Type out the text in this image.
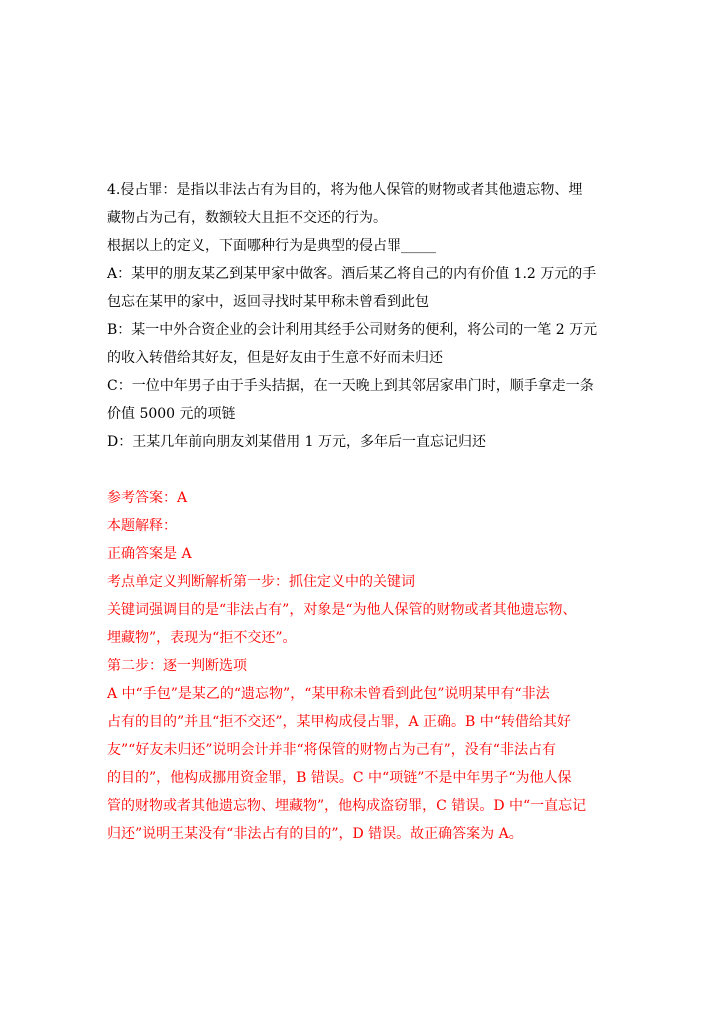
4.侵占罪：是指以非法占有为目的，将为他人保管的财物或者其他遗忘物、埋
藏物占为己有，数额较大且拒不交还的行为。
根据以上的定义，下面哪种行为是典型的侵占罪_____
A：某甲的朋友某乙到某甲家中做客。酒后某乙将自己的内有价值 1.2 万元的手
包忘在某甲的家中，返回寻找时某甲称未曾看到此包
B：某一中外合资企业的会计利用其经手公司财务的便利，将公司的一笔 2 万元
的收入转借给其好友，但是好友由于生意不好而未归还
C：一位中年男子由于手头拮据，在一天晚上到其邻居家串门时，顺手拿走一条
价值 5000 元的项链
D：王某几年前向朋友刘某借用 1 万元，多年后一直忘记归还
参考答案：A
本题解释：
正确答案是 A
考点单定义判断解析第一步：抓住定义中的关键词
关键词强调目的是“非法占有”，对象是“为他人保管的财物或者其他遗忘物、
埋藏物”，表现为“拒不交还”。
第二步：逐一判断选项
A 中“手包”是某乙的“遗忘物”，“某甲称未曾看到此包”说明某甲有“非法
占有的目的”并且“拒不交还”，某甲构成侵占罪，A 正确。B 中“转借给其好
友”“好友未归还”说明会计并非“将保管的财物占为己有”，没有“非法占有
的目的”，他构成挪用资金罪，B 错误。C 中“项链”不是中年男子“为他人保
管的财物或者其他遗忘物、埋藏物”，他构成盗窃罪，C 错误。D 中“一直忘记
归还”说明王某没有“非法占有的目的”，D 错误。故正确答案为 A。
